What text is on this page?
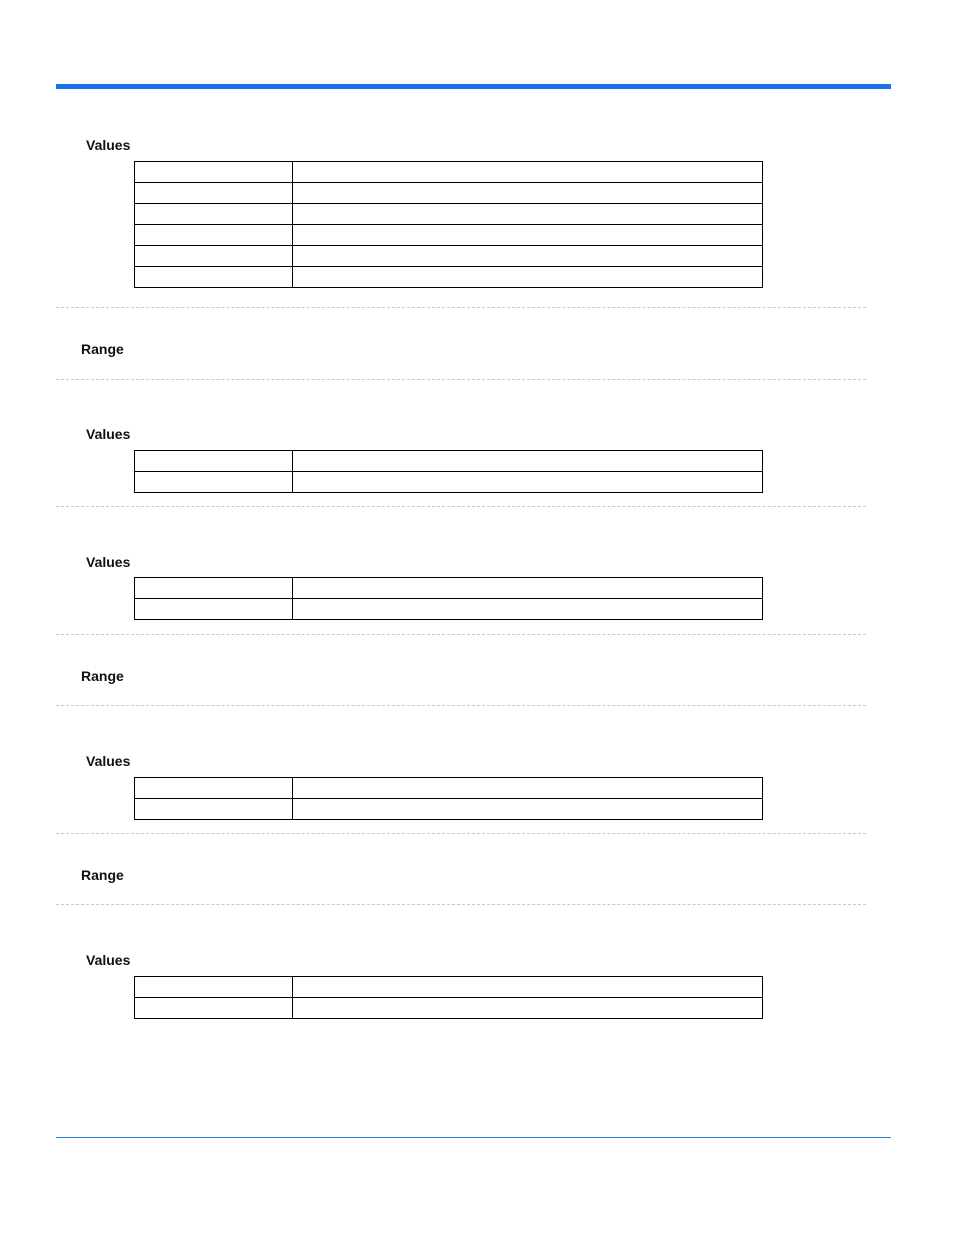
Values

Range
Values

Values

Range
Values

Range
Values
